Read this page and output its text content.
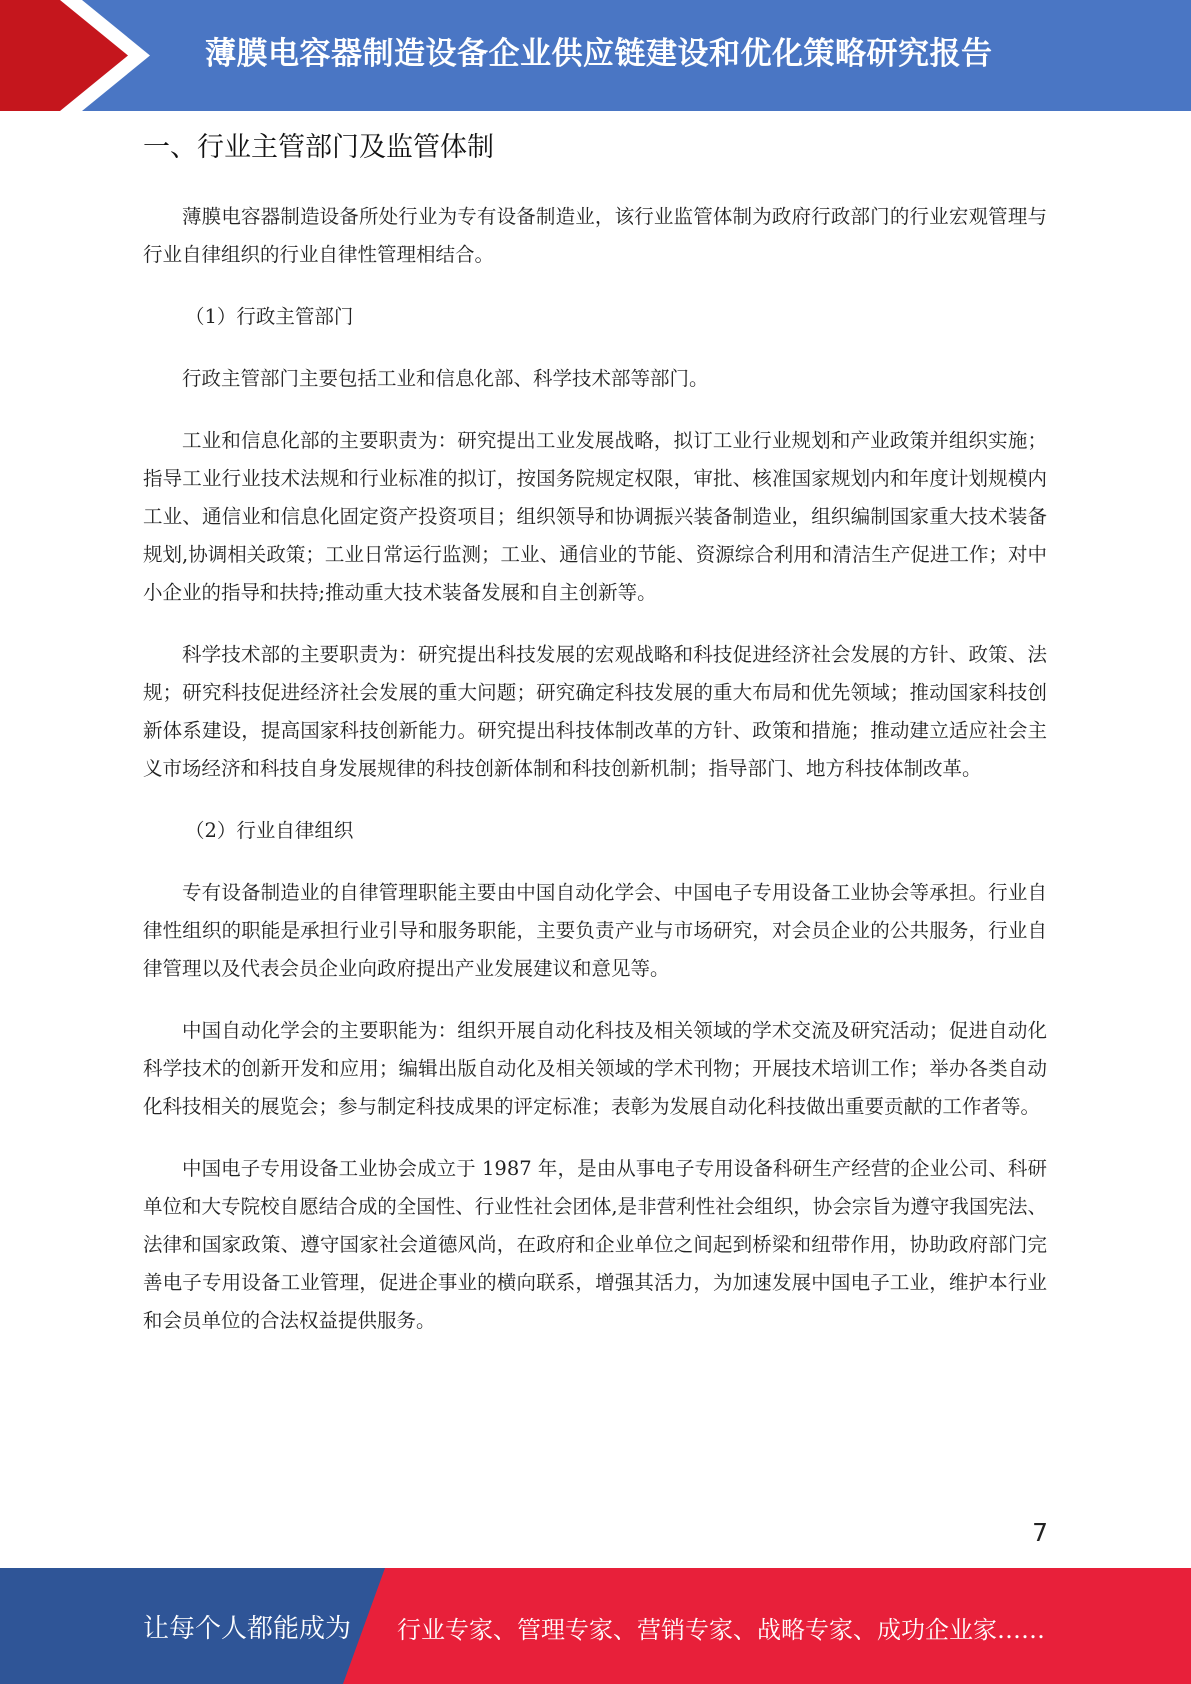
薄膜电容器制造设备企业供应链建设和优化策略研究报告
一、行业主管部门及监管体制

薄膜电容器制造设备所处行业为专有设备制造业，该行业监管体制为政府行政部门的行业宏观管理与行业自律组织的行业自律性管理相结合。

（1）行政主管部门

行政主管部门主要包括工业和信息化部、科学技术部等部门。

工业和信息化部的主要职责为：研究提出工业发展战略，拟订工业行业规划和产业政策并组织实施；指导工业行业技术法规和行业标准的拟订，按国务院规定权限，审批、核准国家规划内和年度计划规模内工业、通信业和信息化固定资产投资项目；组织领导和协调振兴装备制造业，组织编制国家重大技术装备规划,协调相关政策；工业日常运行监测；工业、通信业的节能、资源综合利用和清洁生产促进工作；对中小企业的指导和扶持;推动重大技术装备发展和自主创新等。

科学技术部的主要职责为：研究提出科技发展的宏观战略和科技促进经济社会发展的方针、政策、法规；研究科技促进经济社会发展的重大问题；研究确定科技发展的重大布局和优先领域；推动国家科技创新体系建设，提高国家科技创新能力。研究提出科技体制改革的方针、政策和措施；推动建立适应社会主义市场经济和科技自身发展规律的科技创新体制和科技创新机制；指导部门、地方科技体制改革。

（2）行业自律组织

专有设备制造业的自律管理职能主要由中国自动化学会、中国电子专用设备工业协会等承担。行业自律性组织的职能是承担行业引导和服务职能，主要负责产业与市场研究，对会员企业的公共服务，行业自律管理以及代表会员企业向政府提出产业发展建议和意见等。

中国自动化学会的主要职能为：组织开展自动化科技及相关领域的学术交流及研究活动；促进自动化科学技术的创新开发和应用；编辑出版自动化及相关领域的学术刊物；开展技术培训工作；举办各类自动化科技相关的展览会；参与制定科技成果的评定标准；表彰为发展自动化科技做出重要贡献的工作者等。

中国电子专用设备工业协会成立于 1987 年，是由从事电子专用设备科研生产经营的企业公司、科研单位和大专院校自愿结合成的全国性、行业性社会团体,是非营利性社会组织，协会宗旨为遵守我国宪法、法律和国家政策、遵守国家社会道德风尚，在政府和企业单位之间起到桥梁和纽带作用，协助政府部门完善电子专用设备工业管理，促进企事业的横向联系，增强其活力，为加速发展中国电子工业，维护本行业和会员单位的合法权益提供服务。

7
让每个人都能成为 行业专家、管理专家、营销专家、战略专家、成功企业家……
